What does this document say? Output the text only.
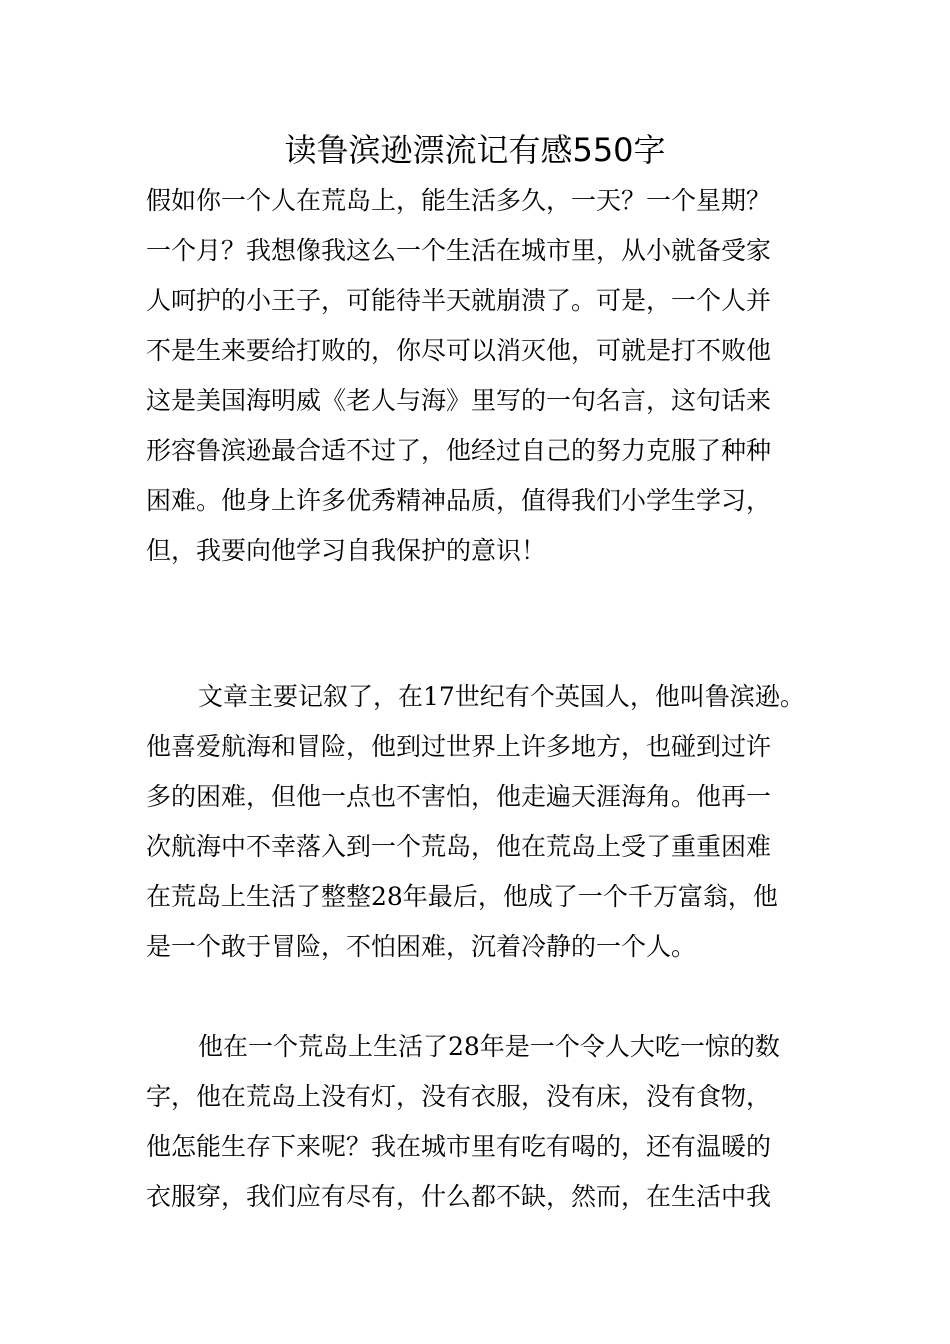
读鲁滨逊漂流记有感550字
假如你一个人在荒岛上，能生活多久，一天？一个星期？
一个月？我想像我这么一个生活在城市里，从小就备受家
人呵护的小王子，可能待半天就崩溃了。可是，一个人并
不是生来要给打败的，你尽可以消灭他，可就是打不败他
这是美国海明威《老人与海》里写的一句名言，这句话来
形容鲁滨逊最合适不过了，他经过自己的努力克服了种种
困难。他身上许多优秀精神品质，值得我们小学生学习，
但，我要向他学习自我保护的意识！
文章主要记叙了，在17世纪有个英国人，他叫鲁滨逊。
他喜爱航海和冒险，他到过世界上许多地方，也碰到过许
多的困难，但他一点也不害怕，他走遍天涯海角。他再一
次航海中不幸落入到一个荒岛，他在荒岛上受了重重困难
在荒岛上生活了整整28年最后，他成了一个千万富翁，他
是一个敢于冒险，不怕困难，沉着冷静的一个人。
他在一个荒岛上生活了28年是一个令人大吃一惊的数
字，他在荒岛上没有灯，没有衣服，没有床，没有食物，
他怎能生存下来呢？我在城市里有吃有喝的，还有温暖的
衣服穿，我们应有尽有，什么都不缺，然而，在生活中我
